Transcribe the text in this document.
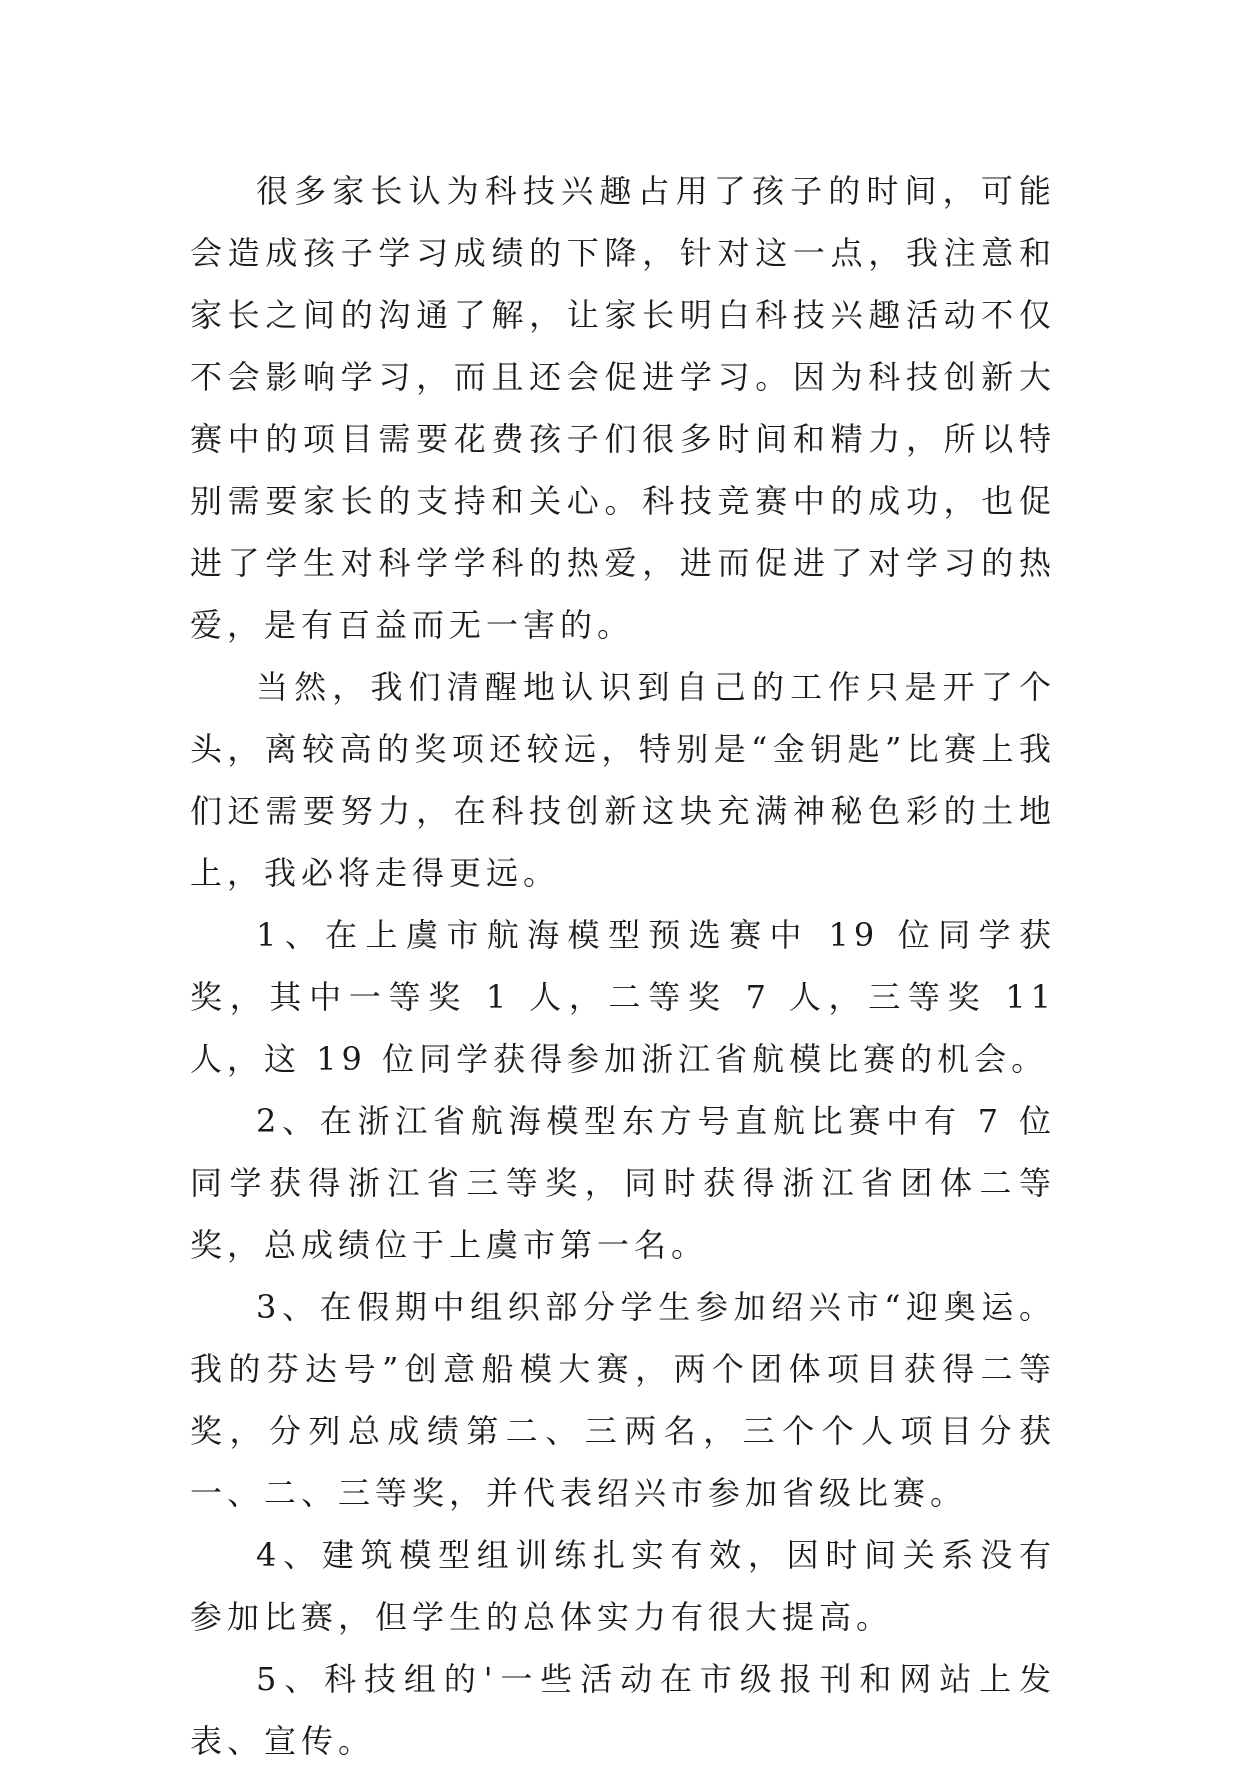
很多家长认为科技兴趣占用了孩子的时间，可能会造成孩子学习成绩的下降，针对这一点，我注意和家长之间的沟通了解，让家长明白科技兴趣活动不仅不会影响学习，而且还会促进学习。因为科技创新大赛中的项目需要花费孩子们很多时间和精力，所以特别需要家长的支持和关心。科技竞赛中的成功，也促进了学生对科学学科的热爱，进而促进了对学习的热爱，是有百益而无一害的。

当然，我们清醒地认识到自己的工作只是开了个头，离较高的奖项还较远，特别是“金钥匙”比赛上我们还需要努力，在科技创新这块充满神秘色彩的土地上，我必将走得更远。

1、在上虞市航海模型预选赛中 19 位同学获奖，其中一等奖 1 人，二等奖 7 人，三等奖 11 人，这 19 位同学获得参加浙江省航模比赛的机会。

2、在浙江省航海模型东方号直航比赛中有 7 位同学获得浙江省三等奖，同时获得浙江省团体二等奖，总成绩位于上虞市第一名。

3、在假期中组织部分学生参加绍兴市“迎奥运。我的芬达号”创意船模大赛，两个团体项目获得二等奖，分列总成绩第二、三两名，三个个人项目分获一、二、三等奖，并代表绍兴市参加省级比赛。

4、建筑模型组训练扎实有效，因时间关系没有参加比赛，但学生的总体实力有很大提高。

5、科技组的'一些活动在市级报刊和网站上发表、宣传。
